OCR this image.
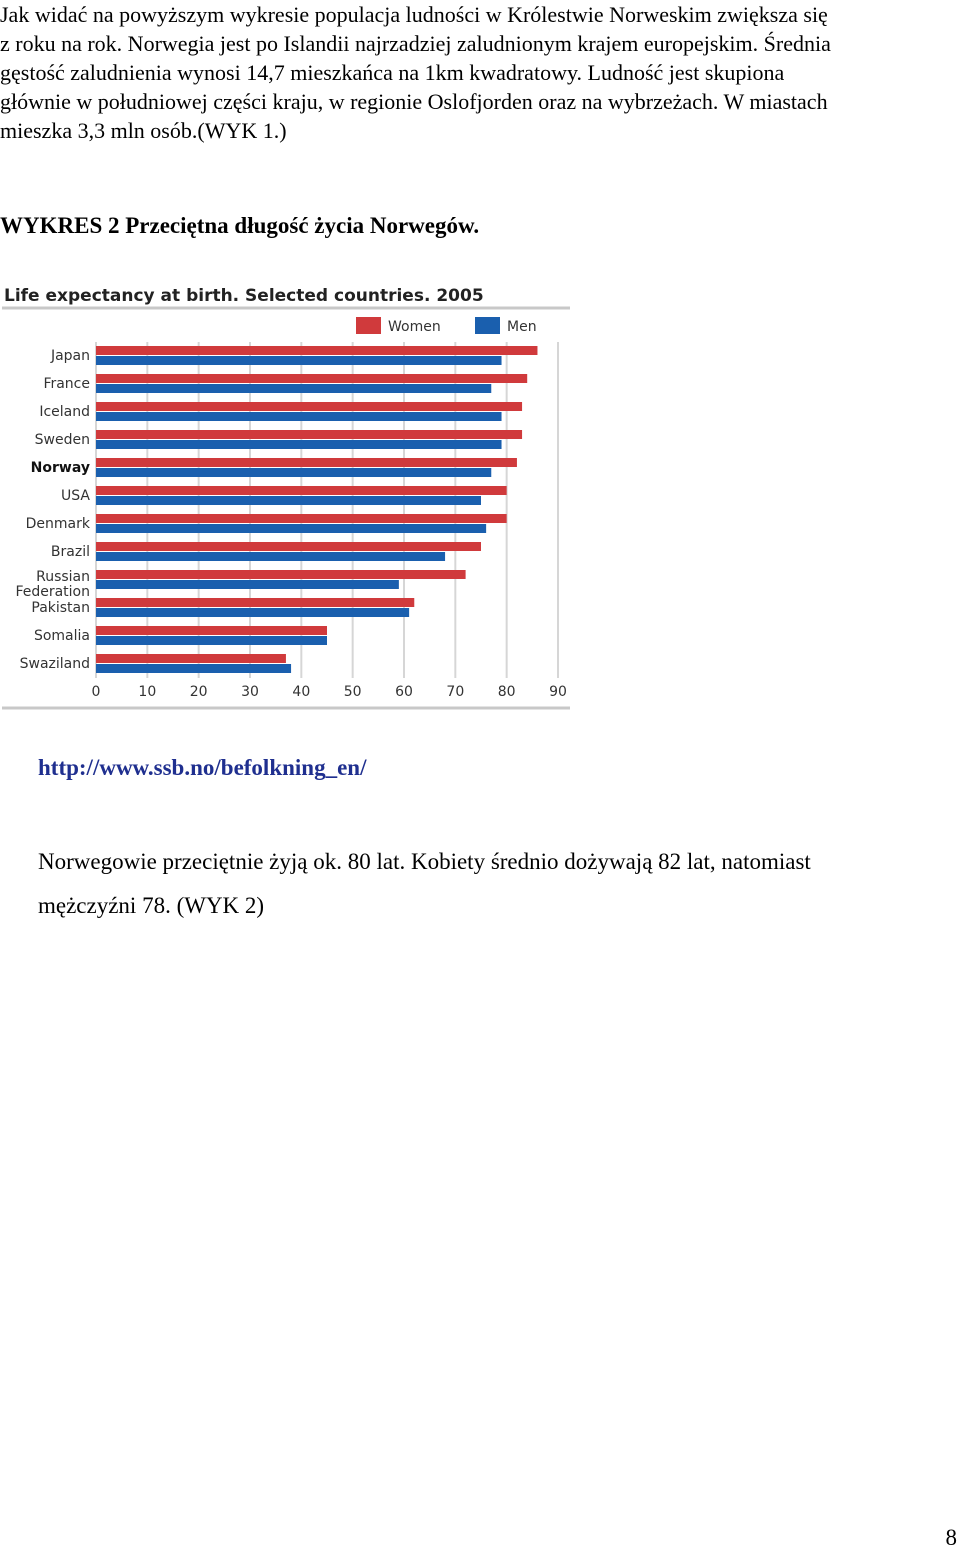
Jak widać na powyższym wykresie populacja ludności w Królestwie Norweskim zwiększa się
z roku na rok. Norwegia jest po Islandii najrzadziej zaludnionym krajem europejskim. Średnia
gęstość zaludnienia wynosi 14,7 mieszkańca na 1km kwadratowy. Ludność jest skupiona
głównie w południowej części kraju, w regionie Oslofjorden oraz na wybrzeżach. W miastach
mieszka 3,3 mln osób.(WYK 1.)
WYKRES 2 Przeciętna długość życia Norwegów.
Life expectancy at birth. Selected countries. 2005
Women	Men
Japan
France
Iceland
Sweden
Norway
USA
Denmark
Brazil
Russian
Federation
Pakistan
Somalia
Swaziland
0	10 20 30 40 50 60 70 80 90
http://www.ssb.no/befolkning_en/
Norwegowie przeciętnie żyją ok. 80 lat. Kobiety średnio dożywają 82 lat, natomiast
mężczyźni 78. (WYK 2)
8
